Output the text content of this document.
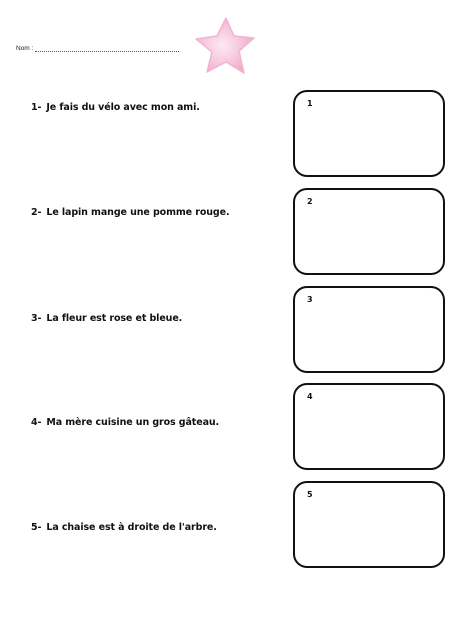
Nom :
1- Je fais du vélo avec mon ami.
2- Le lapin mange une pomme rouge.
3- La fleur est rose et bleue.
4- Ma mère cuisine un gros gâteau.
5- La chaise est à droite de l'arbre.
1
2
3
4
5
